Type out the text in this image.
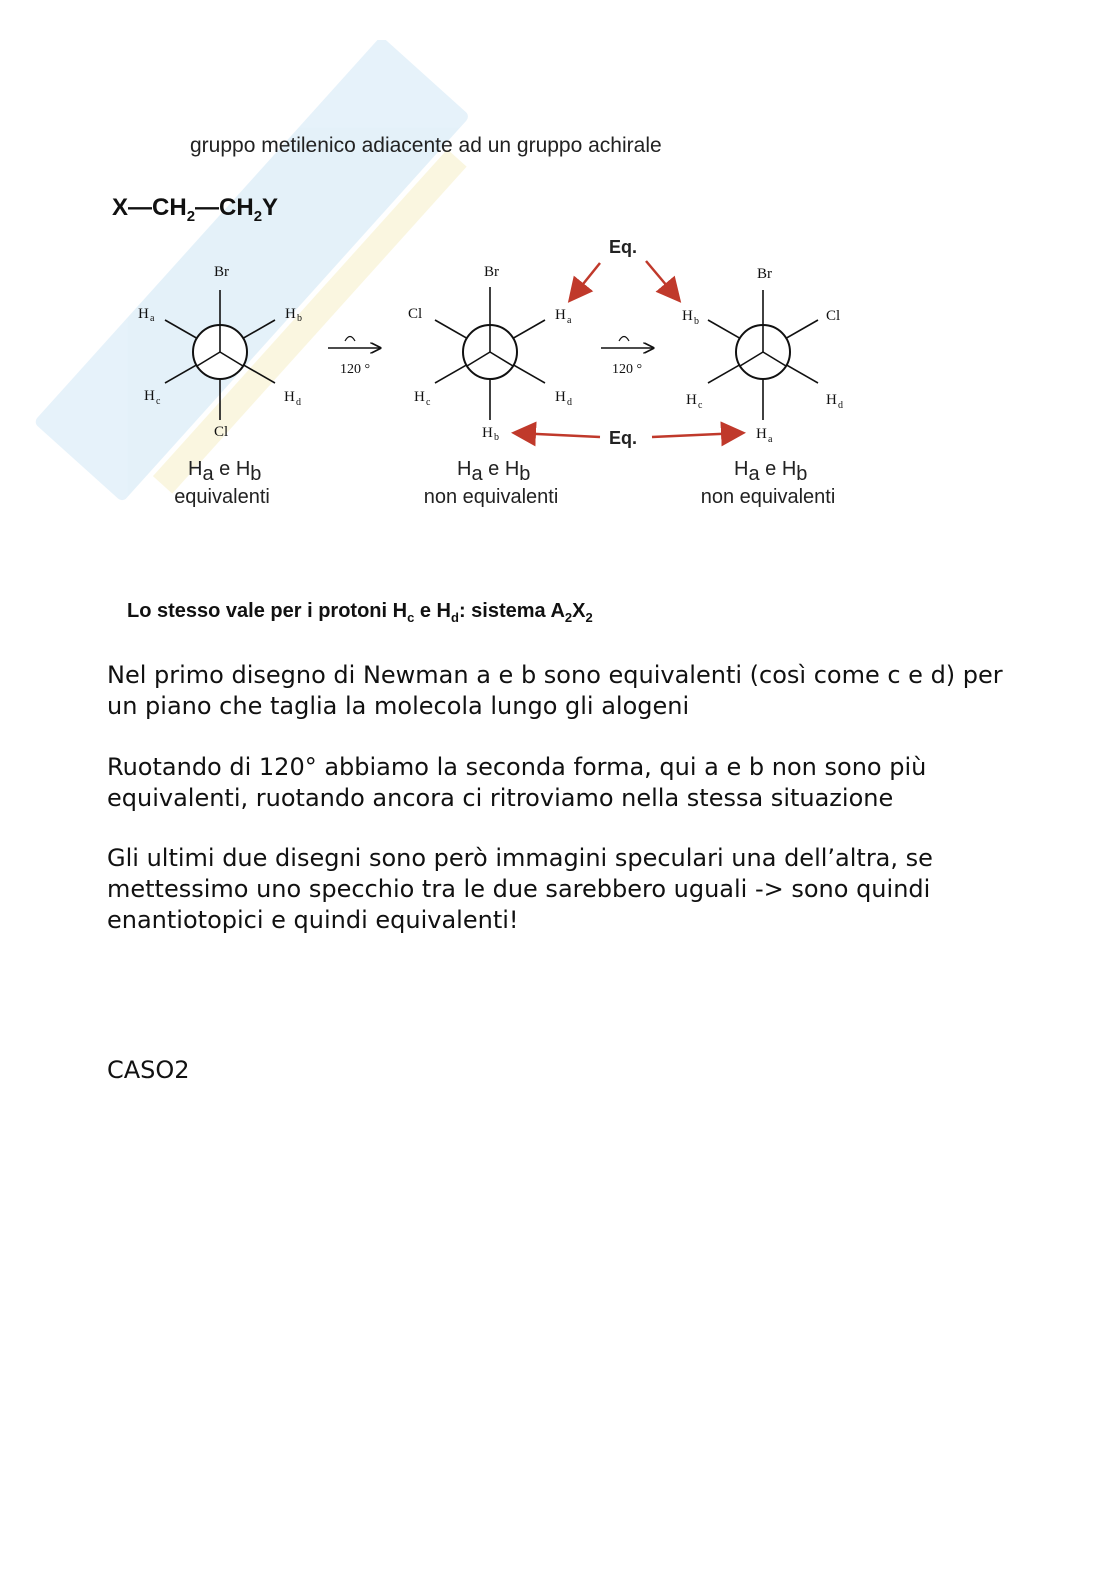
gruppo metilenico adiacente ad un gruppo achirale
$X—CH_2—CH_2Y$
Br
Cl
H a	H b
H c	H d
Ha e Hb
equivalenti
120 °
Br
H b
Cl	H a
H c	H d
Ha e Hb
non equivalenti
120 °
Br
H a
H b	Cl
H c	H d
Ha e Hb
non equivalenti
Eq.
Eq.
Lo stesso vale per i protoni $H_c$ e $H_d$: sistema $A_2X_2$

Nel primo disegno di Newman a e b sono equivalenti (così come c e d) per un piano che taglia la molecola lungo gli alogeni

Ruotando di 120° abbiamo la seconda forma, qui a e b non sono più equivalenti, ruotando ancora ci ritroviamo nella stessa situazione

Gli ultimi due disegni sono però immagini speculari una dell’altra, se mettessimo uno specchio tra le due sarebbero uguali -> sono quindi enantiotopici e quindi equivalenti!

CASO2
